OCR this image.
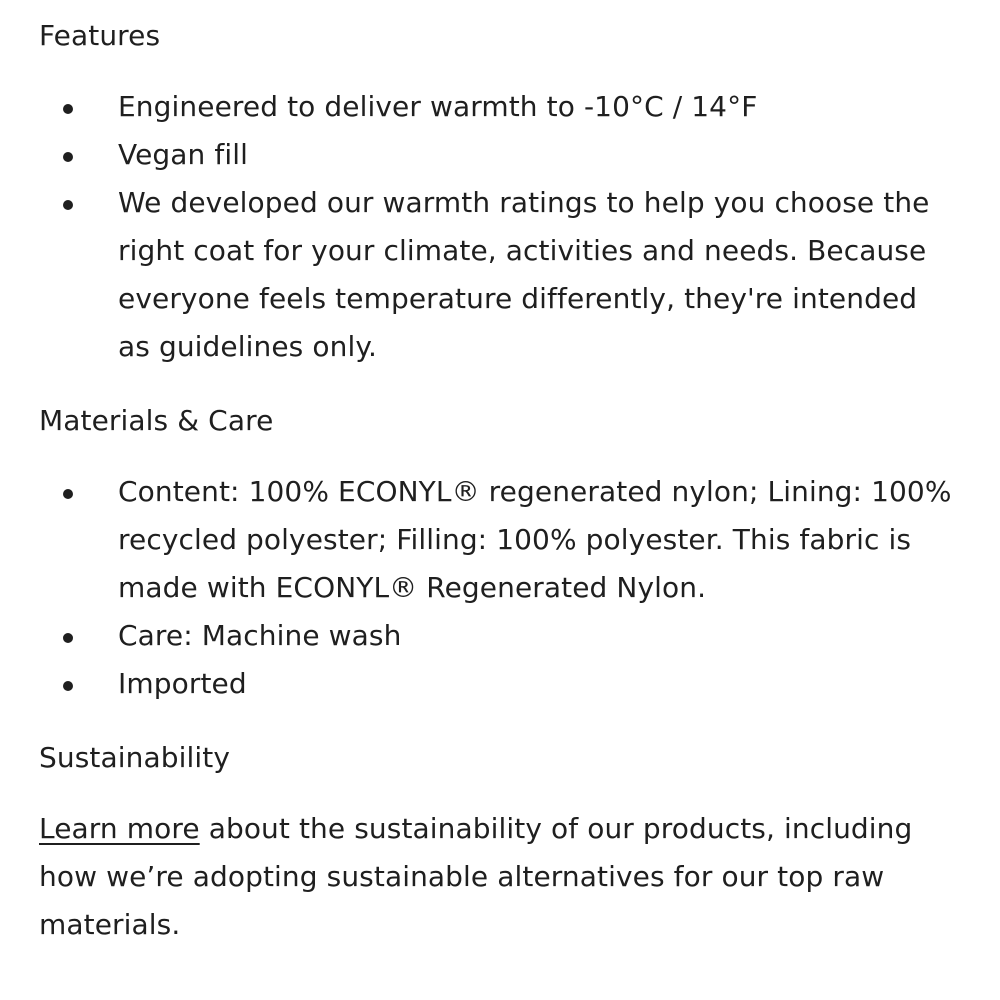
Features
Engineered to deliver warmth to -10°C / 14°F
Vegan fill
We developed our warmth ratings to help you choose the right coat for your climate, activities and needs. Because everyone feels temperature differently, they're intended as guidelines only.
Materials & Care
Content: 100% ECONYL® regenerated nylon; Lining: 100% recycled polyester; Filling: 100% polyester. This fabric is made with ECONYL® Regenerated Nylon.
Care: Machine wash
Imported
Sustainability

Learn more about the sustainability of our products, including how we’re adopting sustainable alternatives for our top raw materials.
